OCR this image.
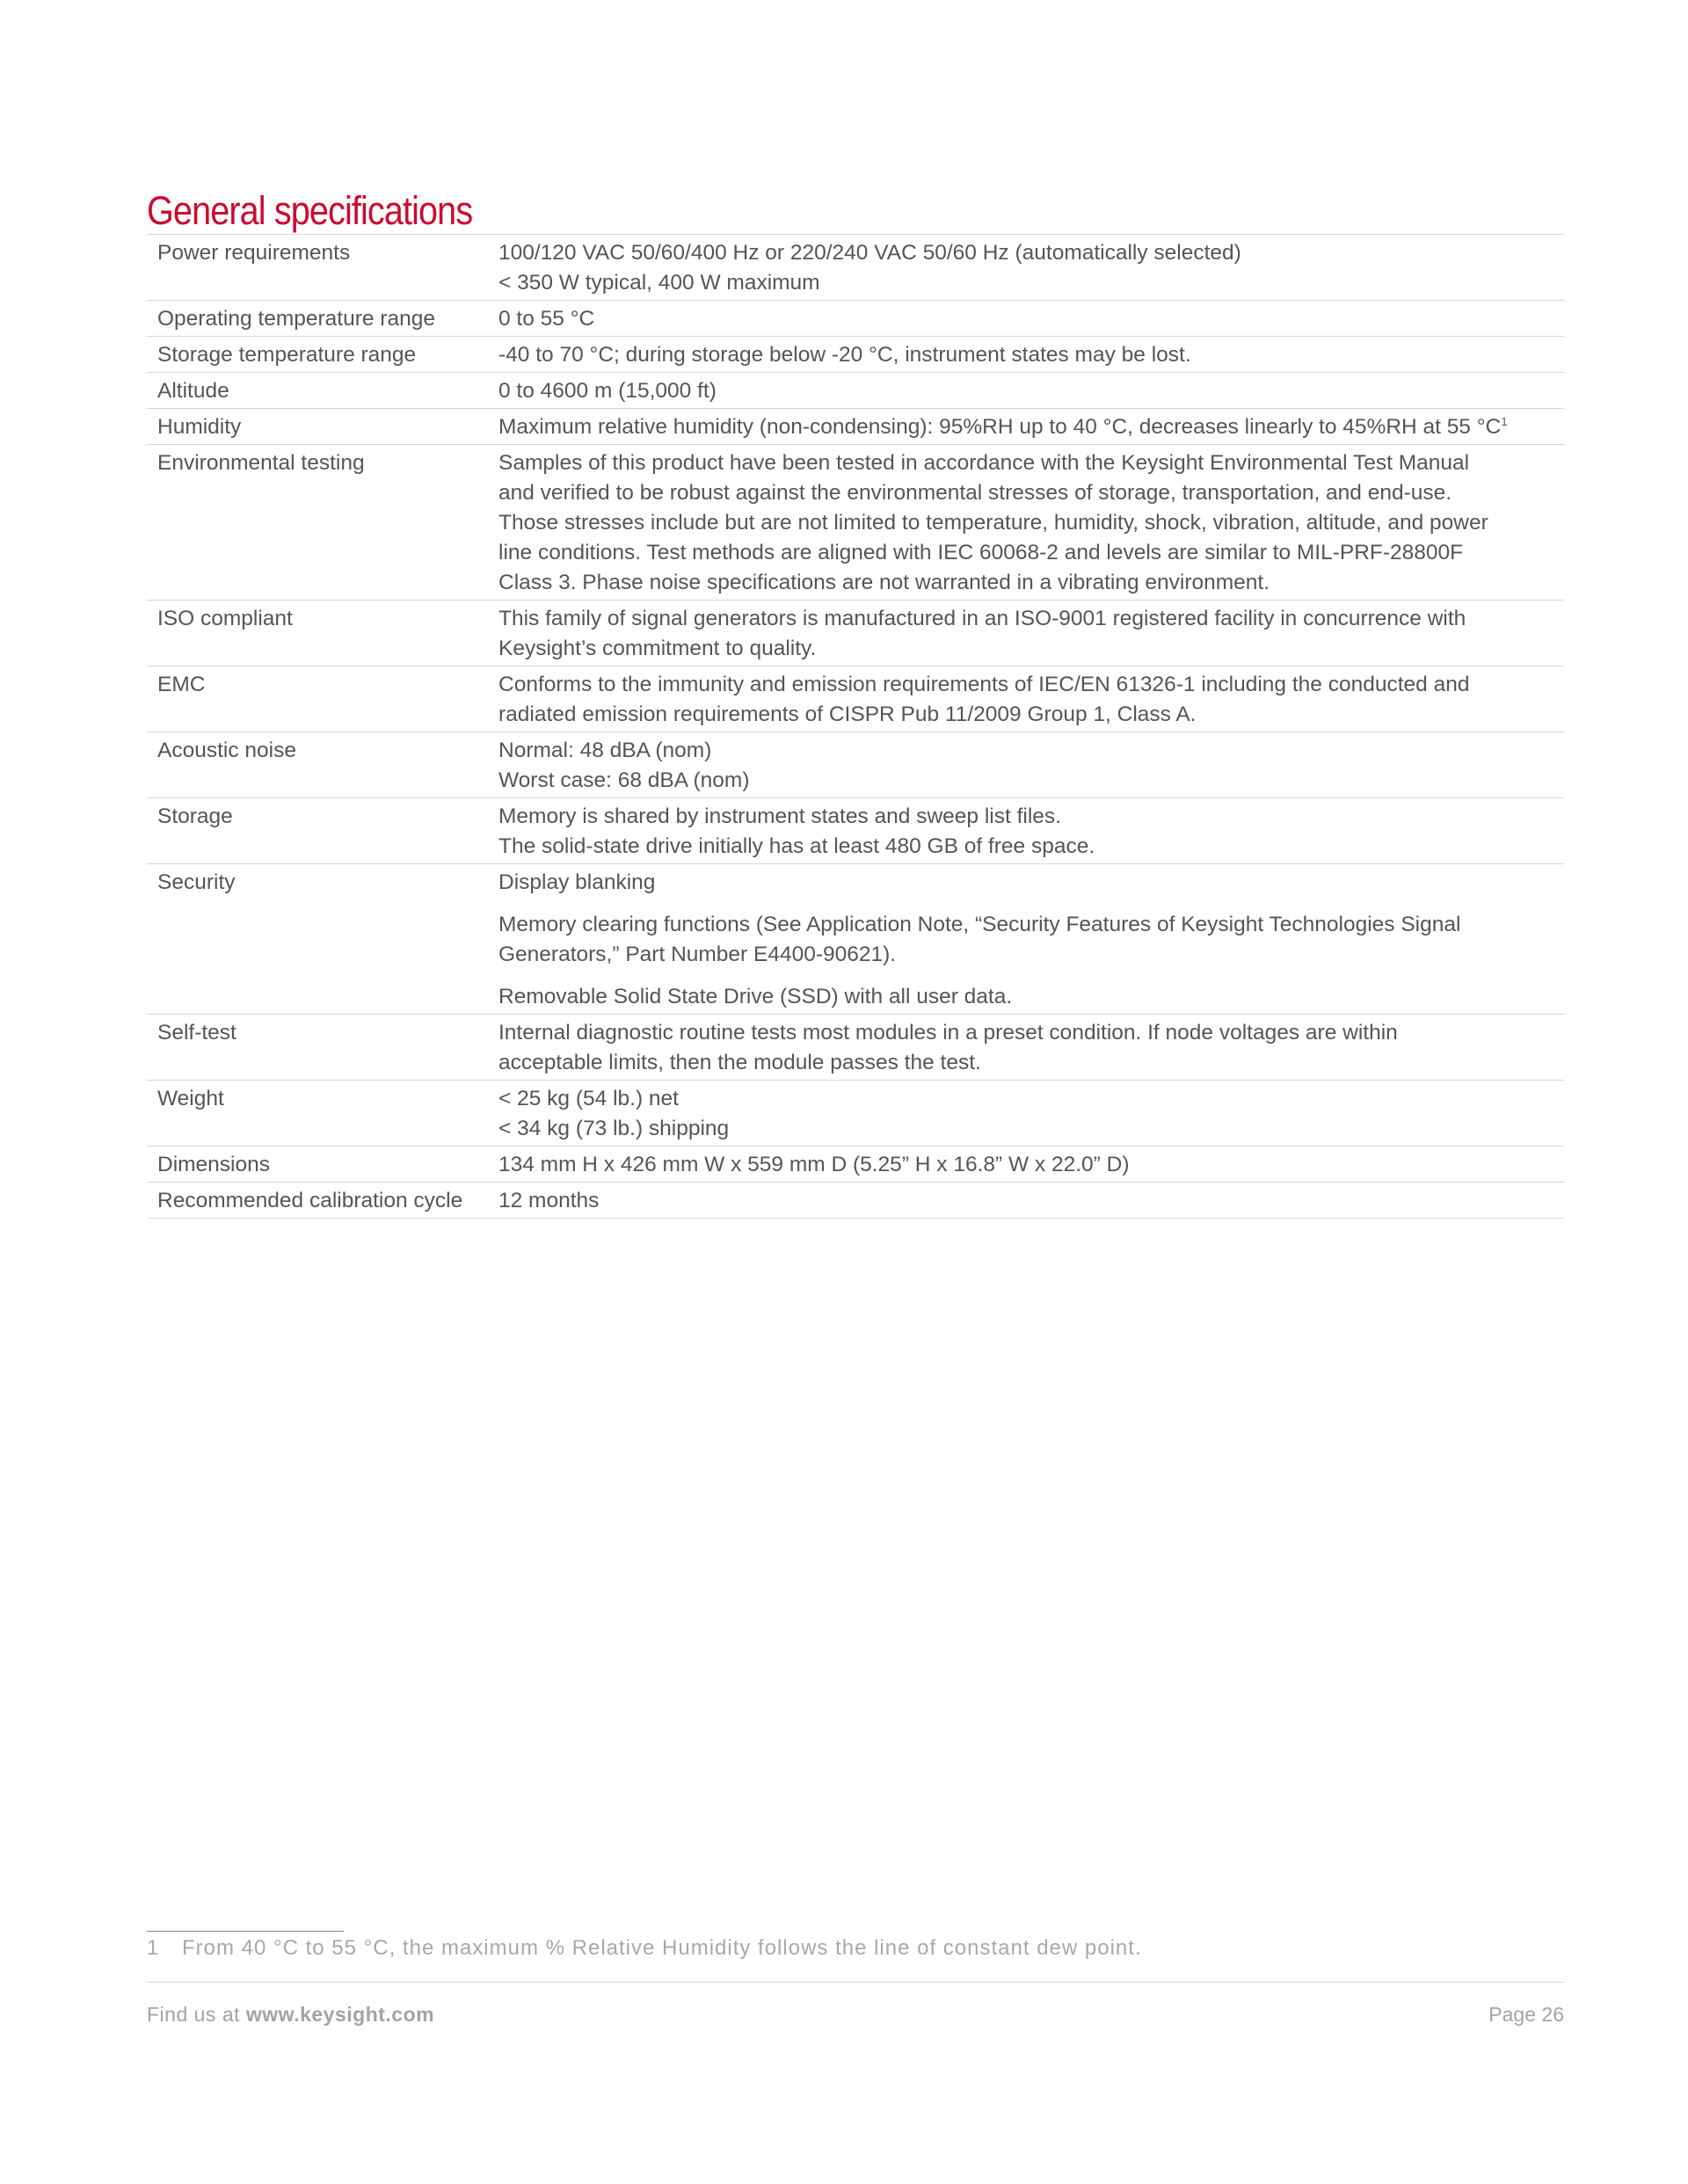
General specifications
Power requirements	100/120 VAC 50/60/400 Hz or 220/240 VAC 50/60 Hz (automatically selected)
< 350 W typical, 400 W maximum

Operating temperature range	0 to 55 °C

Storage temperature range	-40 to 70 °C; during storage below -20 °C, instrument states may be lost.

Altitude	0 to 4600 m (15,000 ft)

Humidity	Maximum relative humidity (non-condensing): 95%RH up to 40 °C, decreases linearly to 45%RH at 55 $^\circ C^1$

Environmental testing	Samples of this product have been tested in accordance with the Keysight Environmental Test Manual
and verified to be robust against the environmental stresses of storage, transportation, and end-use.
Those stresses include but are not limited to temperature, humidity, shock, vibration, altitude, and power
line conditions. Test methods are aligned with IEC 60068-2 and levels are similar to MIL-PRF-28800F
Class 3. Phase noise specifications are not warranted in a vibrating environment.

ISO compliant	This family of signal generators is manufactured in an ISO-9001 registered facility in concurrence with
Keysight’s commitment to quality.

EMC	Conforms to the immunity and emission requirements of IEC/EN 61326-1 including the conducted and
radiated emission requirements of CISPR Pub 11/2009 Group 1, Class A.

Acoustic noise	Normal: 48 dBA (nom)
Worst case: 68 dBA (nom)

Storage	Memory is shared by instrument states and sweep list files.
The solid-state drive initially has at least 480 GB of free space.

Security	Display blanking
Memory clearing functions (See Application Note, “Security Features of Keysight Technologies Signal
Generators,” Part Number E4400-90621).
Removable Solid State Drive (SSD) with all user data.

Self-test	Internal diagnostic routine tests most modules in a preset condition. If node voltages are within
acceptable limits, then the module passes the test.

Weight	< 25 kg (54 lb.) net
< 34 kg (73 lb.) shipping

Dimensions	134 mm H x 426 mm W x 559 mm D (5.25” H x 16.8” W x 22.0” D)

Recommended calibration cycle	12 months
1 From 40 °C to 55 °C, the maximum % Relative Humidity follows the line of constant dew point.
Find us at www.keysight.com	Page 26
